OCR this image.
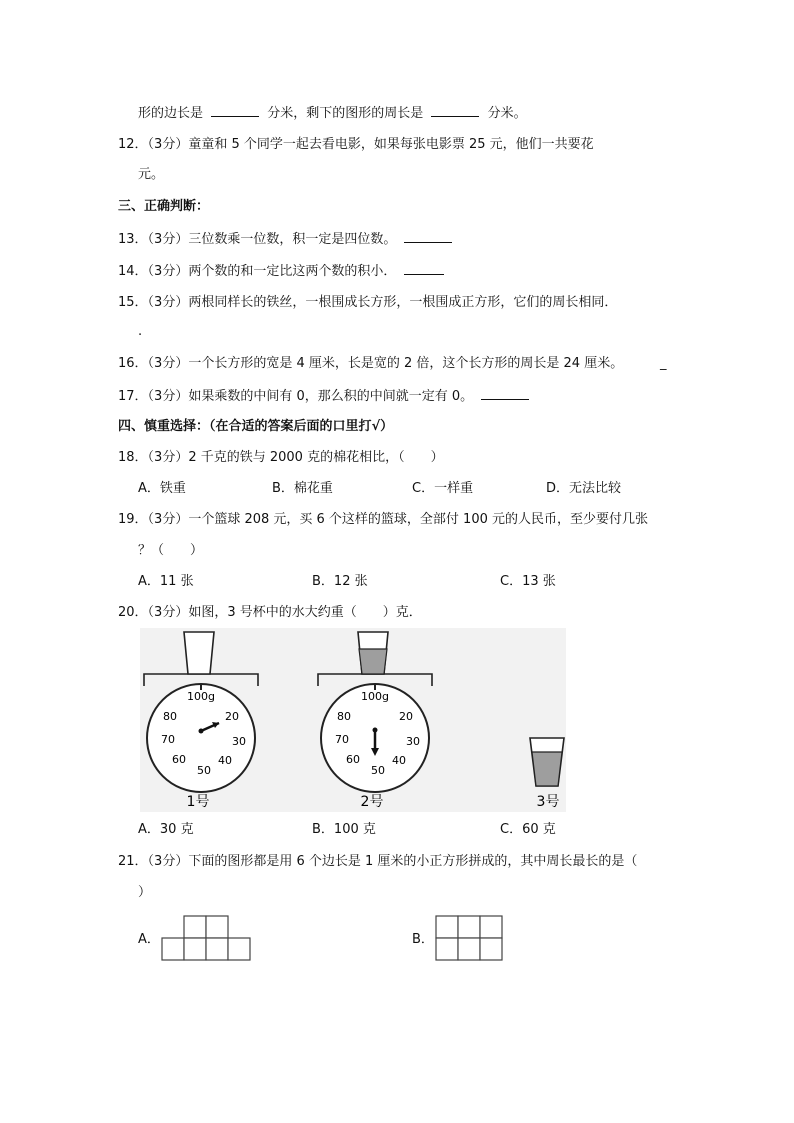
形的边长是	分米，剩下的图形的周长是	分米。
12．（3分）童童和 5 个同学一起去看电影，如果每张电影票 25 元，他们一共要花
元。
三、正确判断：
13．（3分）三位数乘一位数，积一定是四位数。
14．（3分）两个数的和一定比这两个数的积小．
15．（3分）两根同样长的铁丝，一根围成长方形，一根围成正方形，它们的周长相同．
.
16．（3分）一个长方形的宽是 4 厘米，长是宽的 2 倍，这个长方形的周长是 24 厘米。	_
17．（3分）如果乘数的中间有 0，那么积的中间就一定有 0。
四、慎重选择：（在合适的答案后面的口里打√）
18．（3分）2 千克的铁与 2000 克的棉花相比，（　　）
A．铁重	B．棉花重	C．一样重	D．无法比较
19．（3分）一个篮球 208 元，买 6 个这样的篮球，全部付 100 元的人民币，至少要付几张
？（　　）
A．11 张	B．12 张	C．13 张
20．（3分）如图，3 号杯中的水大约重（　　）克．
100g
20
30
40
50
60
70
80
1号
100g
20
30
40
50
60
70
80
2号	3号
A．30 克	B．100 克	C．60 克
21．（3分）下面的图形都是用 6 个边长是 1 厘米的小正方形拼成的，其中周长最长的是（
）
A．	B．
